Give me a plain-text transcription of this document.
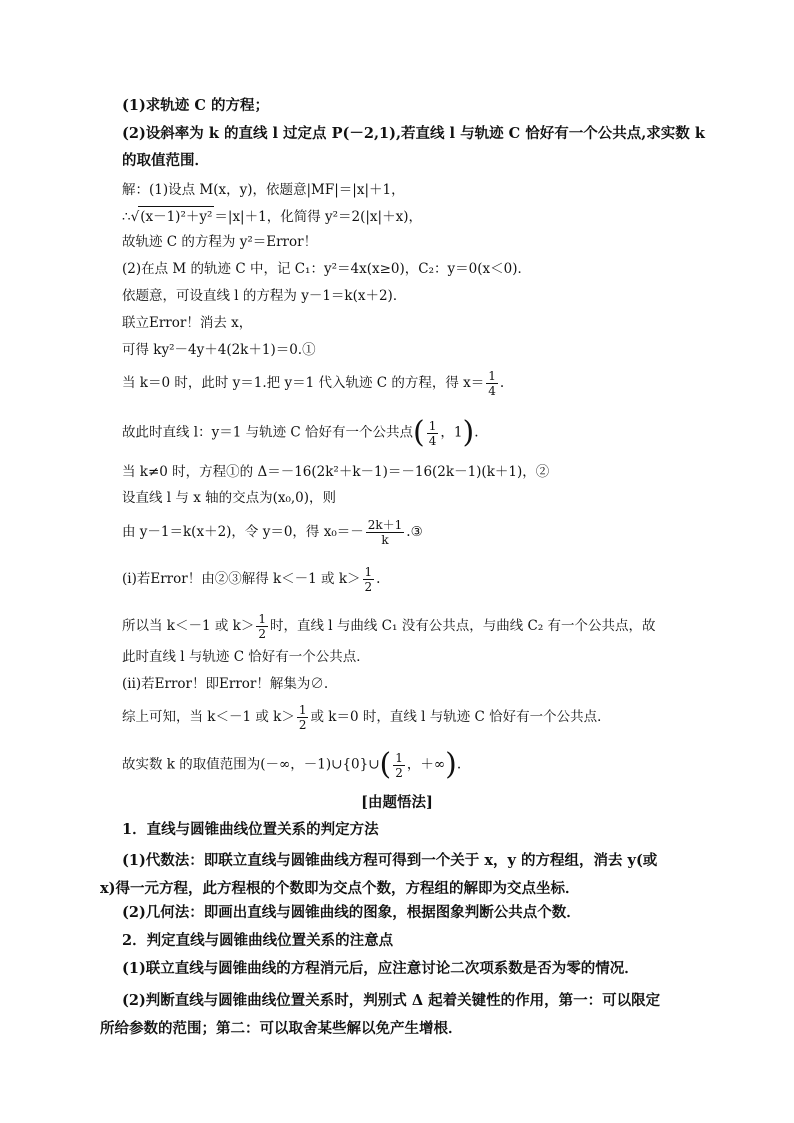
(1)求轨迹 C 的方程；
(2)设斜率为 k 的直线 l 过定点 P(－2,1),若直线 l 与轨迹 C 恰好有一个公共点,求实数 k
的取值范围．
解：(1)设点 M(x，y)，依题意|MF|＝|x|＋1，
∴√(x－1)²＋y² ＝|x|＋1，化简得 y²＝2(|x|＋x)，
故轨迹 C 的方程为 y²＝Error！
(2)在点 M 的轨迹 C 中，记 C₁：y²＝4x(x≥0)，C₂：y＝0(x＜0)．
依题意，可设直线 l 的方程为 y－1＝k(x＋2)．
联立Error！消去 x，
可得 ky²－4y＋4(2k＋1)＝0.①
当 k＝0 时，此时 y＝1.把 y＝1 代入轨迹 C 的方程，得 $x= \frac{1}{4}$ .
故此时直线 l：y＝1 与轨迹 C 恰好有一个公共点( $\frac{1}{4}$ ，1).
当 k≠0 时，方程①的 Δ＝－16(2k²＋k－1)＝－16(2k－1)(k＋1)，②
设直线 l 与 x 轴的交点为(x₀,0)，则
由 y－1＝k(x＋2)，令 y＝0，得 $x_0=- \frac{2k+1}{k}$ .③
(ⅰ)若Error！由②③解得 k＜－1 或 $k> \frac{1}{2}$ .
所以当 k＜－1 或 $k> \frac{1}{2}$ 时，直线 l 与曲线 C₁ 没有公共点，与曲线 C₂ 有一个公共点，故
此时直线 l 与轨迹 C 恰好有一个公共点．
(ⅱ)若Error！即Error！解集为∅.
综上可知，当 k＜－1 或 $k> \frac{1}{2}$ 或 k＝0 时，直线 l 与轨迹 C 恰好有一个公共点．
故实数 k 的取值范围为(－∞，－1)∪{0}∪( $\frac{1}{2}$ ，＋∞).
[由题悟法]
1．直线与圆锥曲线位置关系的判定方法
(1)代数法：即联立直线与圆锥曲线方程可得到一个关于 x，y 的方程组，消去 y(或 x)得一元方程，此方程根的个数即为交点个数，方程组的解即为交点坐标．
(2)几何法：即画出直线与圆锥曲线的图象，根据图象判断公共点个数．
2．判定直线与圆锥曲线位置关系的注意点
(1)联立直线与圆锥曲线的方程消元后，应注意讨论二次项系数是否为零的情况．
(2)判断直线与圆锥曲线位置关系时，判别式 Δ 起着关键性的作用，第一：可以限定所给参数的范围；第二：可以取舍某些解以免产生增根．
